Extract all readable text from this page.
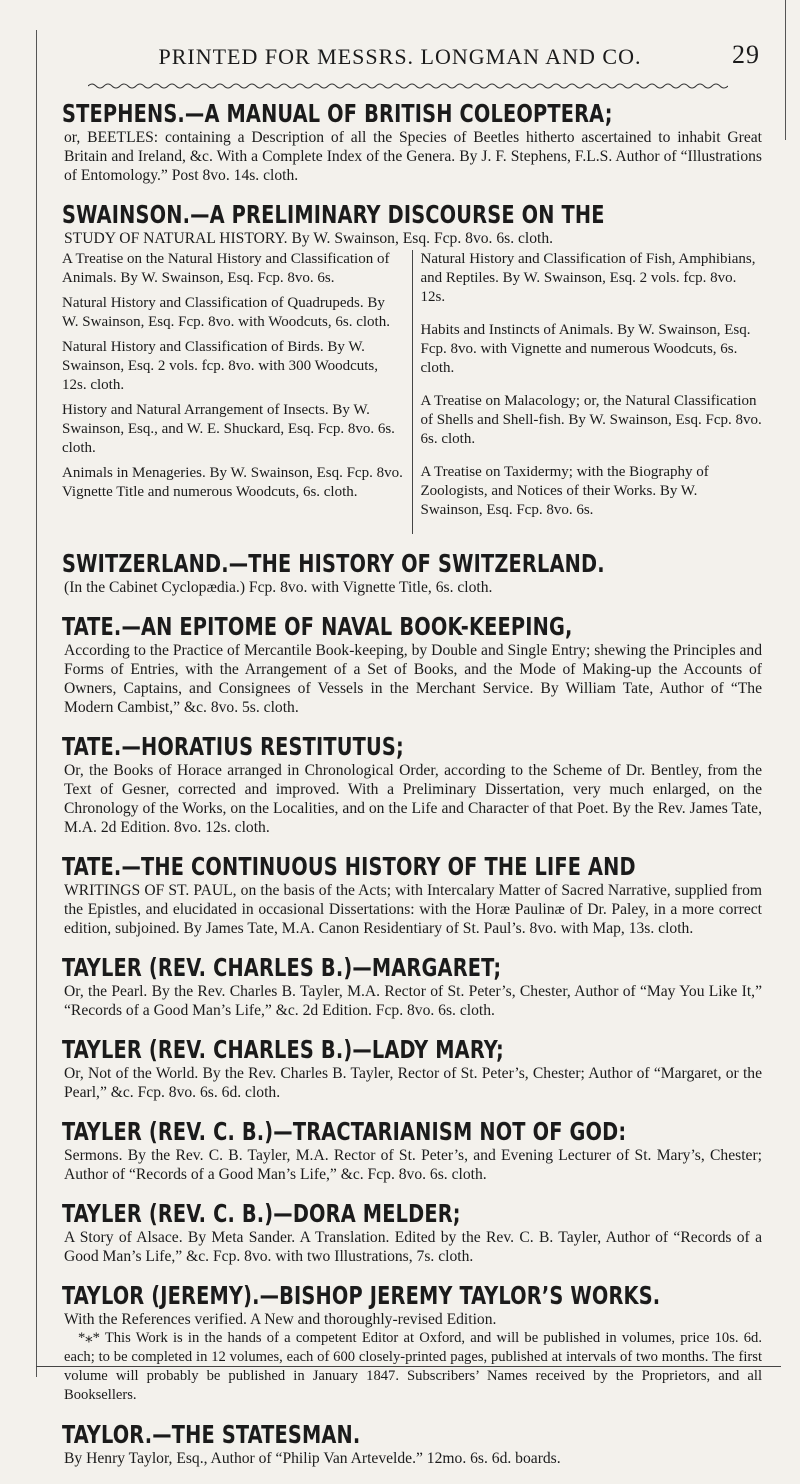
PRINTED FOR MESSRS. LONGMAN AND CO.	29
STEPHENS.—A MANUAL OF BRITISH COLEOPTERA;
or, BEETLES: containing a Description of all the Species of Beetles hitherto ascertained to inhabit Great Britain and Ireland, &c. With a Complete Index of the Genera. By J. F. Stephens, F.L.S. Author of “Illustrations of Entomology.” Post 8vo. 14s. cloth.
SWAINSON.—A PRELIMINARY DISCOURSE ON THE
STUDY OF NATURAL HISTORY. By W. Swainson, Esq. Fcp. 8vo. 6s. cloth.
A Treatise on the Natural History and Classification of Animals. By W. Swainson, Esq. Fcp. 8vo. 6s.
Natural History and Classification of Quadrupeds. By W. Swainson, Esq. Fcp. 8vo. with Woodcuts, 6s. cloth.
Natural History and Classification of Birds. By W. Swainson, Esq. 2 vols. fcp. 8vo. with 300 Woodcuts, 12s. cloth.
History and Natural Arrangement of Insects. By W. Swainson, Esq., and W. E. Shuckard, Esq. Fcp. 8vo. 6s. cloth.
Animals in Menageries. By W. Swainson, Esq. Fcp. 8vo. Vignette Title and numerous Woodcuts, 6s. cloth.
Natural History and Classification of Fish, Amphibians, and Reptiles. By W. Swainson, Esq. 2 vols. fcp. 8vo. 12s.
Habits and Instincts of Animals. By W. Swainson, Esq. Fcp. 8vo. with Vignette and numerous Woodcuts, 6s. cloth.
A Treatise on Malacology; or, the Natural Classification of Shells and Shell-fish. By W. Swainson, Esq. Fcp. 8vo. 6s. cloth.
A Treatise on Taxidermy; with the Biography of Zoologists, and Notices of their Works. By W. Swainson, Esq. Fcp. 8vo. 6s.
SWITZERLAND.—THE HISTORY OF SWITZERLAND.
(In the Cabinet Cyclopædia.) Fcp. 8vo. with Vignette Title, 6s. cloth.
TATE.—AN EPITOME OF NAVAL BOOK-KEEPING,
According to the Practice of Mercantile Book-keeping, by Double and Single Entry; shewing the Principles and Forms of Entries, with the Arrangement of a Set of Books, and the Mode of Making-up the Accounts of Owners, Captains, and Consignees of Vessels in the Merchant Service. By William Tate, Author of “The Modern Cambist,” &c. 8vo. 5s. cloth.
TATE.—HORATIUS RESTITUTUS;
Or, the Books of Horace arranged in Chronological Order, according to the Scheme of Dr. Bentley, from the Text of Gesner, corrected and improved. With a Preliminary Dissertation, very much enlarged, on the Chronology of the Works, on the Localities, and on the Life and Character of that Poet. By the Rev. James Tate, M.A. 2d Edition. 8vo. 12s. cloth.
TATE.—THE CONTINUOUS HISTORY OF THE LIFE AND
WRITINGS OF ST. PAUL, on the basis of the Acts; with Intercalary Matter of Sacred Narrative, supplied from the Epistles, and elucidated in occasional Dissertations: with the Horæ Paulinæ of Dr. Paley, in a more correct edition, subjoined. By James Tate, M.A. Canon Residentiary of St. Paul’s. 8vo. with Map, 13s. cloth.
TAYLER (REV. CHARLES B.)—MARGARET;
Or, the Pearl. By the Rev. Charles B. Tayler, M.A. Rector of St. Peter’s, Chester, Author of “May You Like It,” “Records of a Good Man’s Life,” &c. 2d Edition. Fcp. 8vo. 6s. cloth.
TAYLER (REV. CHARLES B.)—LADY MARY;
Or, Not of the World. By the Rev. Charles B. Tayler, Rector of St. Peter’s, Chester; Author of “Margaret, or the Pearl,” &c. Fcp. 8vo. 6s. 6d. cloth.
TAYLER (REV. C. B.)—TRACTARIANISM NOT OF GOD:
Sermons. By the Rev. C. B. Tayler, M.A. Rector of St. Peter’s, and Evening Lecturer of St. Mary’s, Chester; Author of “Records of a Good Man’s Life,” &c. Fcp. 8vo. 6s. cloth.
TAYLER (REV. C. B.)—DORA MELDER;
A Story of Alsace. By Meta Sander. A Translation. Edited by the Rev. C. B. Tayler, Author of “Records of a Good Man’s Life,” &c. Fcp. 8vo. with two Illustrations, 7s. cloth.
TAYLOR (JEREMY).—BISHOP JEREMY TAYLOR’S WORKS.
With the References verified. A New and thoroughly-revised Edition.
*⁎* This Work is in the hands of a competent Editor at Oxford, and will be published in volumes, price 10s. 6d. each; to be completed in 12 volumes, each of 600 closely-printed pages, published at intervals of two months. The first volume will probably be published in January 1847. Subscribers’ Names received by the Proprietors, and all Booksellers.
TAYLOR.—THE STATESMAN.
By Henry Taylor, Esq., Author of “Philip Van Artevelde.” 12mo. 6s. 6d. boards.
